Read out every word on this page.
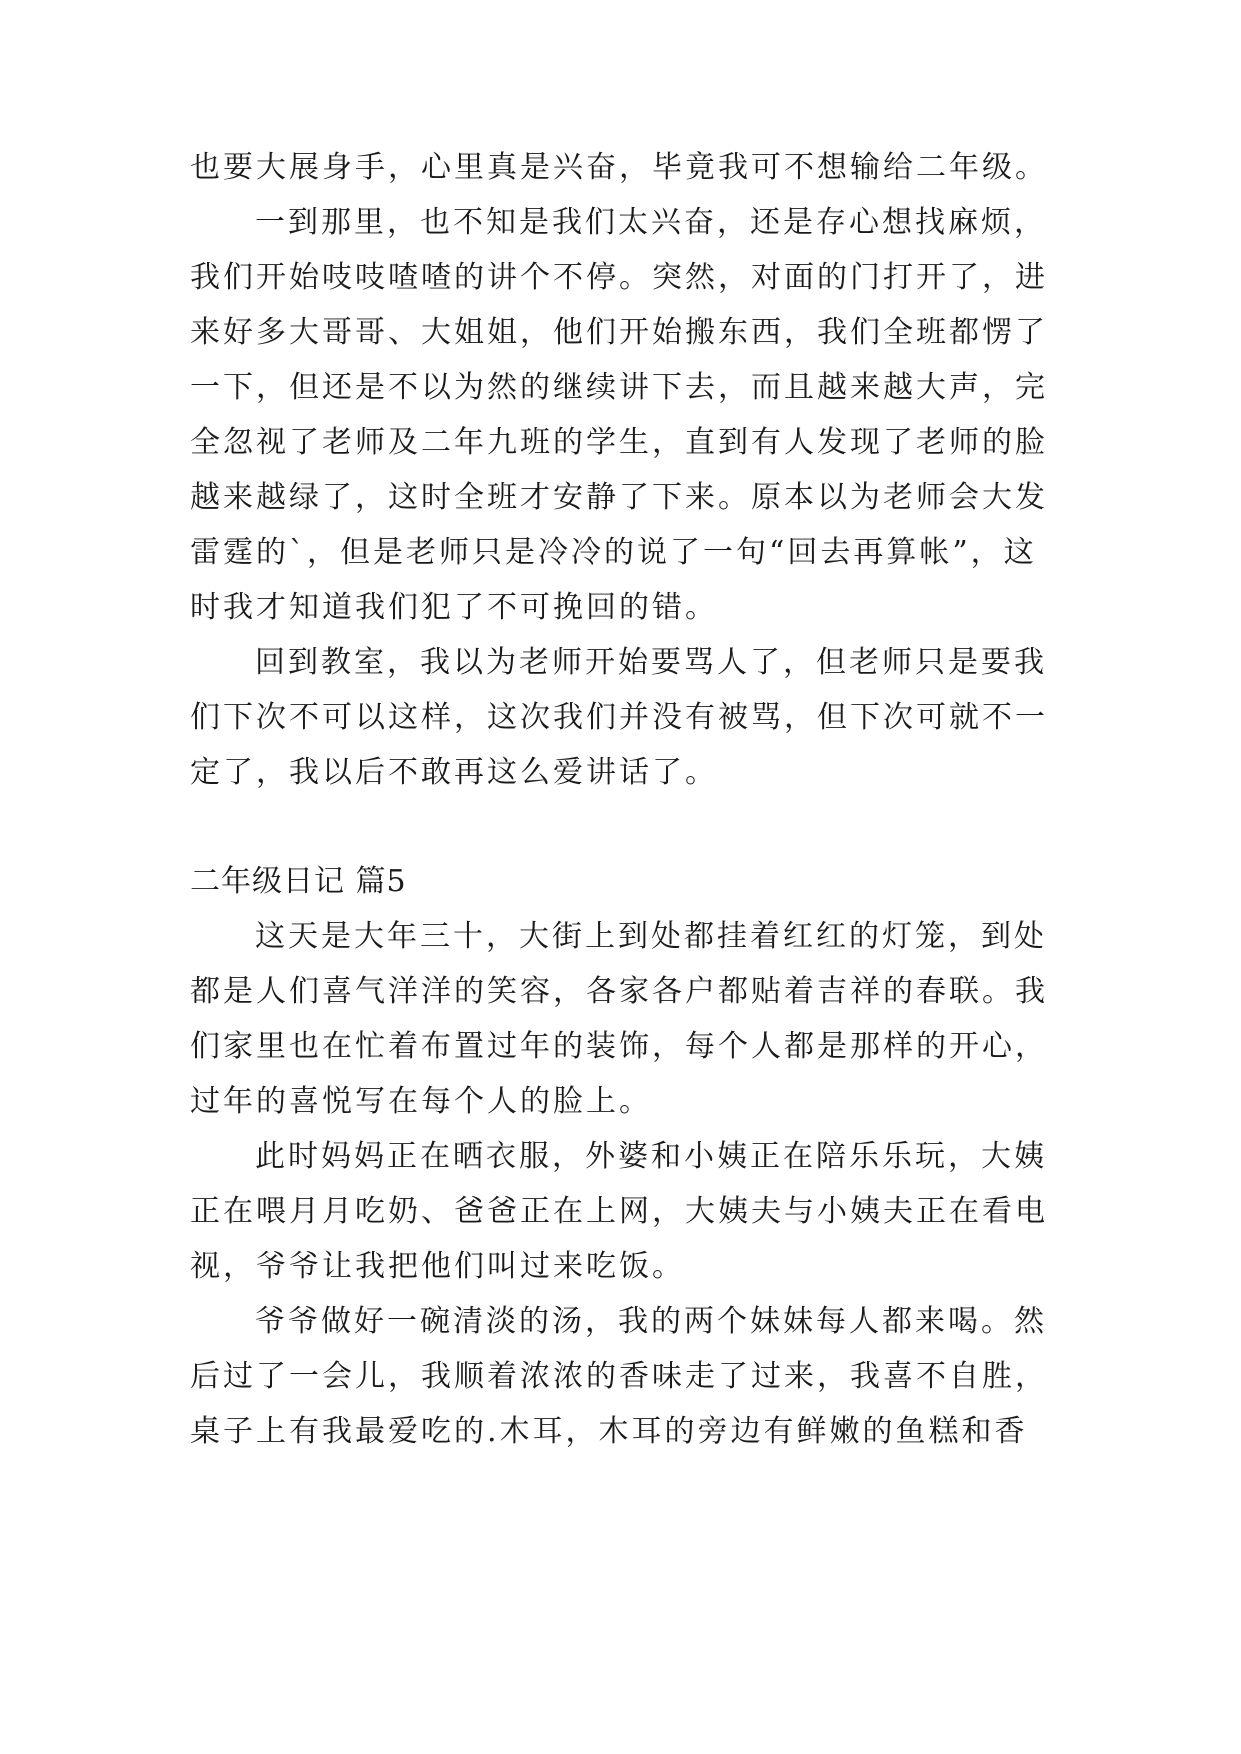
也要大展身手，心里真是兴奋，毕竟我可不想输给二年级。
一到那里，也不知是我们太兴奋，还是存心想找麻烦，
我们开始吱吱喳喳的讲个不停。突然，对面的门打开了，进
来好多大哥哥、大姐姐，他们开始搬东西，我们全班都愣了
一下，但还是不以为然的继续讲下去，而且越来越大声，完
全忽视了老师及二年九班的学生，直到有人发现了老师的脸
越来越绿了，这时全班才安静了下来。原本以为老师会大发
雷霆的`，但是老师只是冷冷的说了一句“回去再算帐”，这
时我才知道我们犯了不可挽回的错。
回到教室，我以为老师开始要骂人了，但老师只是要我
们下次不可以这样，这次我们并没有被骂，但下次可就不一
定了，我以后不敢再这么爱讲话了。
二年级日记 篇5
这天是大年三十，大街上到处都挂着红红的灯笼，到处
都是人们喜气洋洋的笑容，各家各户都贴着吉祥的春联。我
们家里也在忙着布置过年的装饰，每个人都是那样的开心，
过年的喜悦写在每个人的脸上。
此时妈妈正在晒衣服，外婆和小姨正在陪乐乐玩，大姨
正在喂月月吃奶、爸爸正在上网，大姨夫与小姨夫正在看电
视，爷爷让我把他们叫过来吃饭。
爷爷做好一碗清淡的汤，我的两个妹妹每人都来喝。然
后过了一会儿，我顺着浓浓的香味走了过来，我喜不自胜，
桌子上有我最爱吃的.木耳，木耳的旁边有鲜嫩的鱼糕和香
